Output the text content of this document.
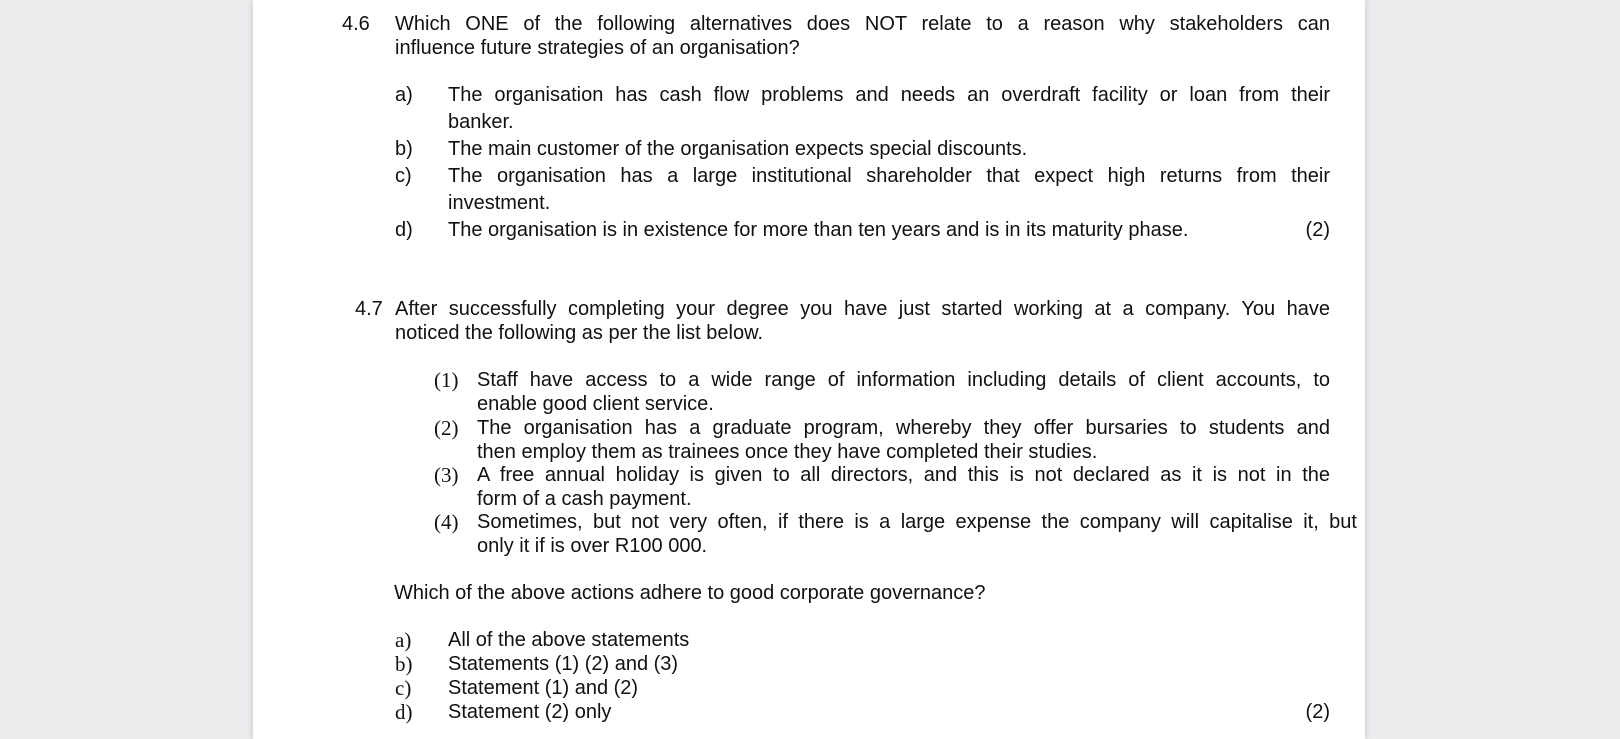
4.6 Which ONE of the following alternatives does NOT relate to a reason why stakeholders can
influence future strategies of an organisation?
a) The organisation has cash flow problems and needs an overdraft facility or loan from their
banker.
b) The main customer of the organisation expects special discounts.
c) The organisation has a large institutional shareholder that expect high returns from their
investment.
d) The organisation is in existence for more than ten years and is in its maturity phase.	(2)
4.7 After successfully completing your degree you have just started working at a company. You have
noticed the following as per the list below.
(1) Staff have access to a wide range of information including details of client accounts, to
enable good client service.
(2) The organisation has a graduate program, whereby they offer bursaries to students and
then employ them as trainees once they have completed their studies.
(3) A free annual holiday is given to all directors, and this is not declared as it is not in the
form of a cash payment.
(4) Sometimes, but not very often, if there is a large expense the company will capitalise it, but
only it if is over R100 000.
Which of the above actions adhere to good corporate governance?
a) All of the above statements
b) Statements (1) (2) and (3)
c) Statement (1) and (2)
d) Statement (2) only	(2)
